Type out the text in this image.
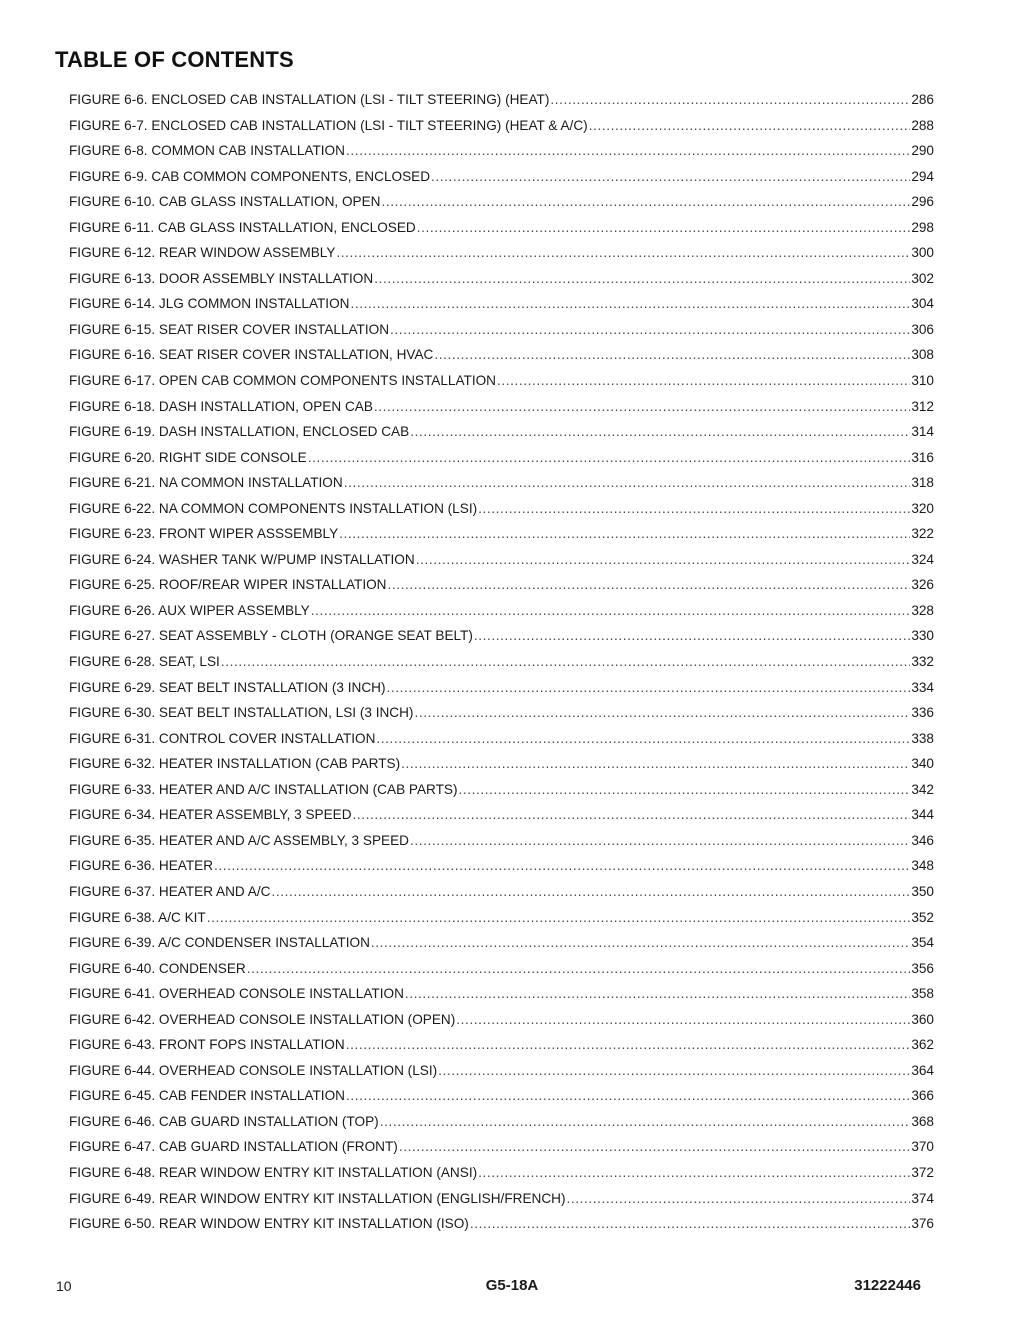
TABLE OF CONTENTS
FIGURE 6-6. ENCLOSED CAB INSTALLATION (LSI - TILT STEERING) (HEAT) .....	286
FIGURE 6-7. ENCLOSED CAB INSTALLATION (LSI - TILT STEERING) (HEAT & A/C) .....	288
FIGURE 6-8. COMMON CAB INSTALLATION .....	290
FIGURE 6-9. CAB COMMON COMPONENTS, ENCLOSED .....	294
FIGURE 6-10. CAB GLASS INSTALLATION, OPEN .....	296
FIGURE 6-11. CAB GLASS INSTALLATION, ENCLOSED .....	298
FIGURE 6-12. REAR WINDOW ASSEMBLY .....	300
FIGURE 6-13. DOOR ASSEMBLY INSTALLATION .....	302
FIGURE 6-14. JLG COMMON INSTALLATION .....	304
FIGURE 6-15. SEAT RISER COVER INSTALLATION .....	306
FIGURE 6-16. SEAT RISER COVER INSTALLATION, HVAC .....	308
FIGURE 6-17. OPEN CAB COMMON COMPONENTS INSTALLATION .....	310
FIGURE 6-18. DASH INSTALLATION, OPEN CAB .....	312
FIGURE 6-19. DASH INSTALLATION, ENCLOSED CAB .....	314
FIGURE 6-20. RIGHT SIDE CONSOLE .....	316
FIGURE 6-21. NA COMMON INSTALLATION .....	318
FIGURE 6-22. NA COMMON COMPONENTS INSTALLATION (LSI) .....	320
FIGURE 6-23. FRONT WIPER ASSSEMBLY .....	322
FIGURE 6-24. WASHER TANK W/PUMP INSTALLATION .....	324
FIGURE 6-25. ROOF/REAR WIPER INSTALLATION .....	326
FIGURE 6-26. AUX WIPER ASSEMBLY .....	328
FIGURE 6-27. SEAT ASSEMBLY - CLOTH (ORANGE SEAT BELT) .....	330
FIGURE 6-28. SEAT, LSI .....	332
FIGURE 6-29. SEAT BELT INSTALLATION (3 INCH) .....	334
FIGURE 6-30. SEAT BELT INSTALLATION, LSI (3 INCH) .....	336
FIGURE 6-31. CONTROL COVER INSTALLATION .....	338
FIGURE 6-32. HEATER INSTALLATION (CAB PARTS) .....	340
FIGURE 6-33. HEATER AND A/C INSTALLATION (CAB PARTS) .....	342
FIGURE 6-34. HEATER ASSEMBLY, 3 SPEED .....	344
FIGURE 6-35. HEATER AND A/C ASSEMBLY, 3 SPEED .....	346
FIGURE 6-36. HEATER .....	348
FIGURE 6-37. HEATER AND A/C .....	350
FIGURE 6-38. A/C KIT .....	352
FIGURE 6-39. A/C CONDENSER INSTALLATION .....	354
FIGURE 6-40. CONDENSER .....	356
FIGURE 6-41. OVERHEAD CONSOLE INSTALLATION .....	358
FIGURE 6-42. OVERHEAD CONSOLE INSTALLATION (OPEN) .....	360
FIGURE 6-43. FRONT FOPS INSTALLATION .....	362
FIGURE 6-44. OVERHEAD CONSOLE INSTALLATION (LSI) .....	364
FIGURE 6-45. CAB FENDER INSTALLATION .....	366
FIGURE 6-46. CAB GUARD INSTALLATION (TOP) .....	368
FIGURE 6-47. CAB GUARD INSTALLATION (FRONT) .....	370
FIGURE 6-48. REAR WINDOW ENTRY KIT INSTALLATION (ANSI) .....	372
FIGURE 6-49. REAR WINDOW ENTRY KIT INSTALLATION (ENGLISH/FRENCH) .....	374
FIGURE 6-50. REAR WINDOW ENTRY KIT INSTALLATION (ISO) .....	376
10	G5-18A	31222446
